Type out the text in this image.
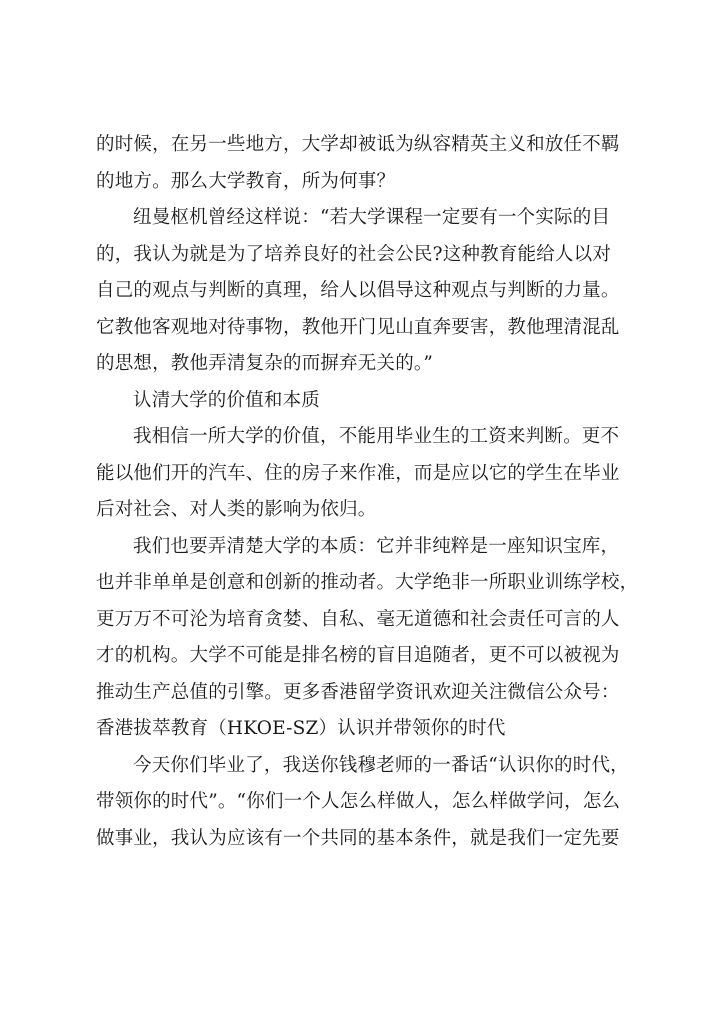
的时候，在另一些地方，大学却被诋为纵容精英主义和放任不羁
的地方。那么大学教育，所为何事？
纽曼枢机曾经这样说：“若大学课程一定要有一个实际的目
的，我认为就是为了培养良好的社会公民?这种教育能给人以对
自己的观点与判断的真理，给人以倡导这种观点与判断的力量。
它教他客观地对待事物，教他开门见山直奔要害，教他理清混乱
的思想，教他弄清复杂的而摒弃无关的。”
认清大学的价值和本质
我相信一所大学的价值，不能用毕业生的工资来判断。更不
能以他们开的汽车、住的房子来作准，而是应以它的学生在毕业
后对社会、对人类的影响为依归。
我们也要弄清楚大学的本质：它并非纯粹是一座知识宝库，
也并非单单是创意和创新的推动者。大学绝非一所职业训练学校，
更万万不可沦为培育贪婪、自私、毫无道德和社会责任可言的人
才的机构。大学不可能是排名榜的盲目追随者，更不可以被视为
推动生产总值的引擎。更多香港留学资讯欢迎关注微信公众号：
香港拔萃教育（HKOE-SZ）认识并带领你的时代
今天你们毕业了，我送你钱穆老师的一番话“认识你的时代，
带领你的时代”。“你们一个人怎么样做人，怎么样做学问，怎么
做事业，我认为应该有一个共同的基本条件，就是我们一定先要
